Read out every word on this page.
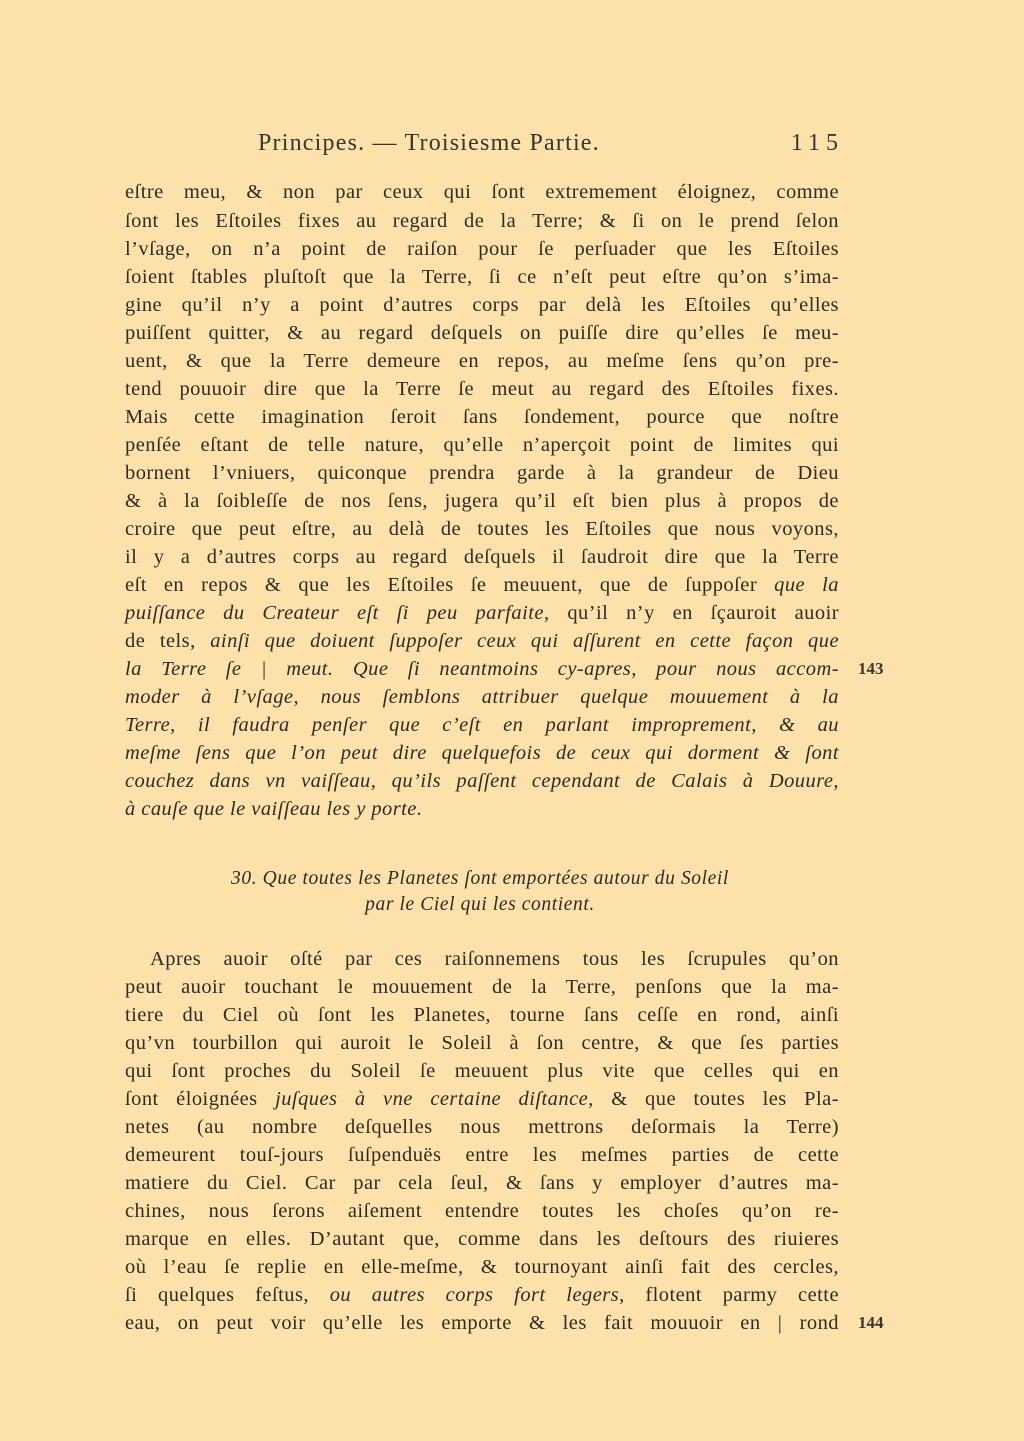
Principes. — Troisiesme Partie.	115
eſtre meu, & non par ceux qui ſont extremement éloignez, comme
ſont les Eſtoiles fixes au regard de la Terre; & ſi on le prend ſelon
l’vſage, on n’a point de raiſon pour ſe perſuader que les Eſtoiles
ſoient ſtables pluſtoſt que la Terre, ſi ce n’eſt peut eſtre qu’on s’ima-
gine qu’il n’y a point d’autres corps par delà les Eſtoiles qu’elles
puiſſent quitter, & au regard deſquels on puiſſe dire qu’elles ſe meu-
uent, & que la Terre demeure en repos, au meſme ſens qu’on pre-
tend pouuoir dire que la Terre ſe meut au regard des Eſtoiles fixes.
Mais cette imagination ſeroit ſans ſondement, pource que noſtre
penſée eſtant de telle nature, qu’elle n’aperçoit point de limites qui
bornent l’vniuers, quiconque prendra garde à la grandeur de Dieu
& à la ſoibleſſe de nos ſens, jugera qu’il eſt bien plus à propos de
croire que peut eſtre, au delà de toutes les Eſtoiles que nous voyons,
il y a d’autres corps au regard deſquels il ſaudroit dire que la Terre
eſt en repos & que les Eſtoiles ſe meuuent, que de ſuppoſer que la
puiſſance du Createur eſt ſi peu parfaite, qu’il n’y en ſçauroit auoir
de tels, ainſi que doiuent ſuppoſer ceux qui aſſurent en cette façon que
la Terre ſe | meut. Que ſi neantmoins cy-apres, pour nous accom- 143
moder à l’vſage, nous ſemblons attribuer quelque mouuement à la
Terre, il faudra penſer que c’eſt en parlant improprement, & au
meſme ſens que l’on peut dire quelquefois de ceux qui dorment & ſont
couchez dans vn vaiſſeau, qu’ils paſſent cependant de Calais à Douure,
à cauſe que le vaiſſeau les y porte.
30. Que toutes les Planetes ſont emportées autour du Soleil
par le Ciel qui les contient.
Apres auoir oſté par ces raiſonnemens tous les ſcrupules qu’on
peut auoir touchant le mouuement de la Terre, penſons que la ma-
tiere du Ciel où ſont les Planetes, tourne ſans ceſſe en rond, ainſi
qu’vn tourbillon qui auroit le Soleil à ſon centre, & que ſes parties
qui ſont proches du Soleil ſe meuuent plus vite que celles qui en
ſont éloignées juſques à vne certaine diſtance, & que toutes les Pla-
netes (au nombre deſquelles nous mettrons deſormais la Terre)
demeurent touſ-jours ſuſpenduës entre les meſmes parties de cette
matiere du Ciel. Car par cela ſeul, & ſans y employer d’autres ma-
chines, nous ſerons aiſement entendre toutes les choſes qu’on re-
marque en elles. D’autant que, comme dans les deſtours des riuieres
où l’eau ſe replie en elle-meſme, & tournoyant ainſi fait des cercles,
ſi quelques feſtus, ou autres corps fort legers, flotent parmy cette
eau, on peut voir qu’elle les emporte & les fait mouuoir en | rond 144
